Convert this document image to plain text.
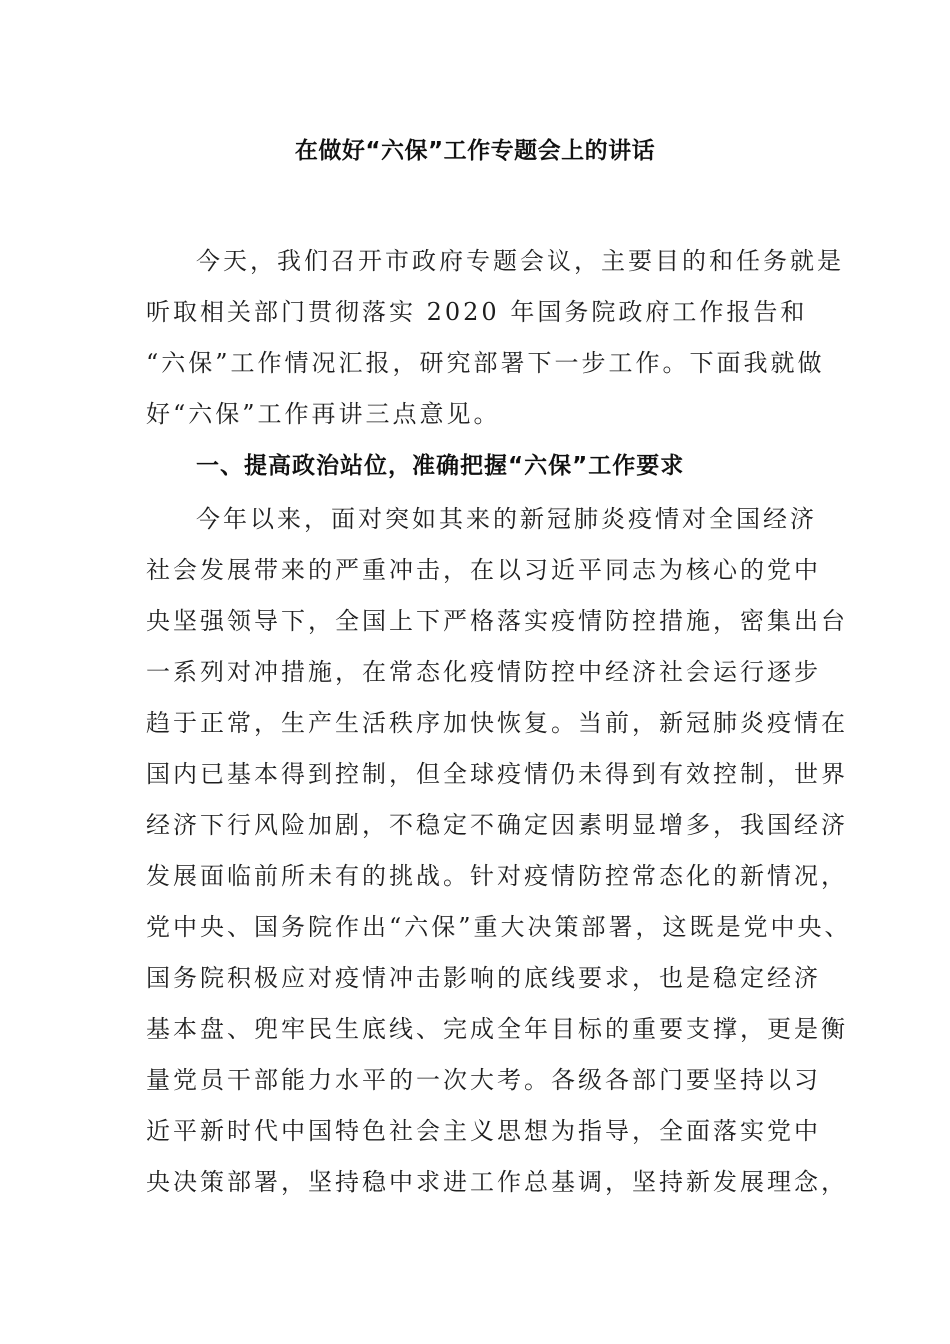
在做好“六保”工作专题会上的讲话
今天，我们召开市政府专题会议，主要目的和任务就是
听取相关部门贯彻落实 2020 年国务院政府工作报告和
“六保”工作情况汇报，研究部署下一步工作。下面我就做
好“六保”工作再讲三点意见。
一、提高政治站位，准确把握“六保”工作要求
今年以来，面对突如其来的新冠肺炎疫情对全国经济
社会发展带来的严重冲击，在以习近平同志为核心的党中
央坚强领导下，全国上下严格落实疫情防控措施，密集出台
一系列对冲措施，在常态化疫情防控中经济社会运行逐步
趋于正常，生产生活秩序加快恢复。当前，新冠肺炎疫情在
国内已基本得到控制，但全球疫情仍未得到有效控制，世界
经济下行风险加剧，不稳定不确定因素明显增多，我国经济
发展面临前所未有的挑战。针对疫情防控常态化的新情况，
党中央、国务院作出“六保”重大决策部署，这既是党中央、
国务院积极应对疫情冲击影响的底线要求，也是稳定经济
基本盘、兜牢民生底线、完成全年目标的重要支撑，更是衡
量党员干部能力水平的一次大考。各级各部门要坚持以习
近平新时代中国特色社会主义思想为指导，全面落实党中
央决策部署，坚持稳中求进工作总基调，坚持新发展理念，
